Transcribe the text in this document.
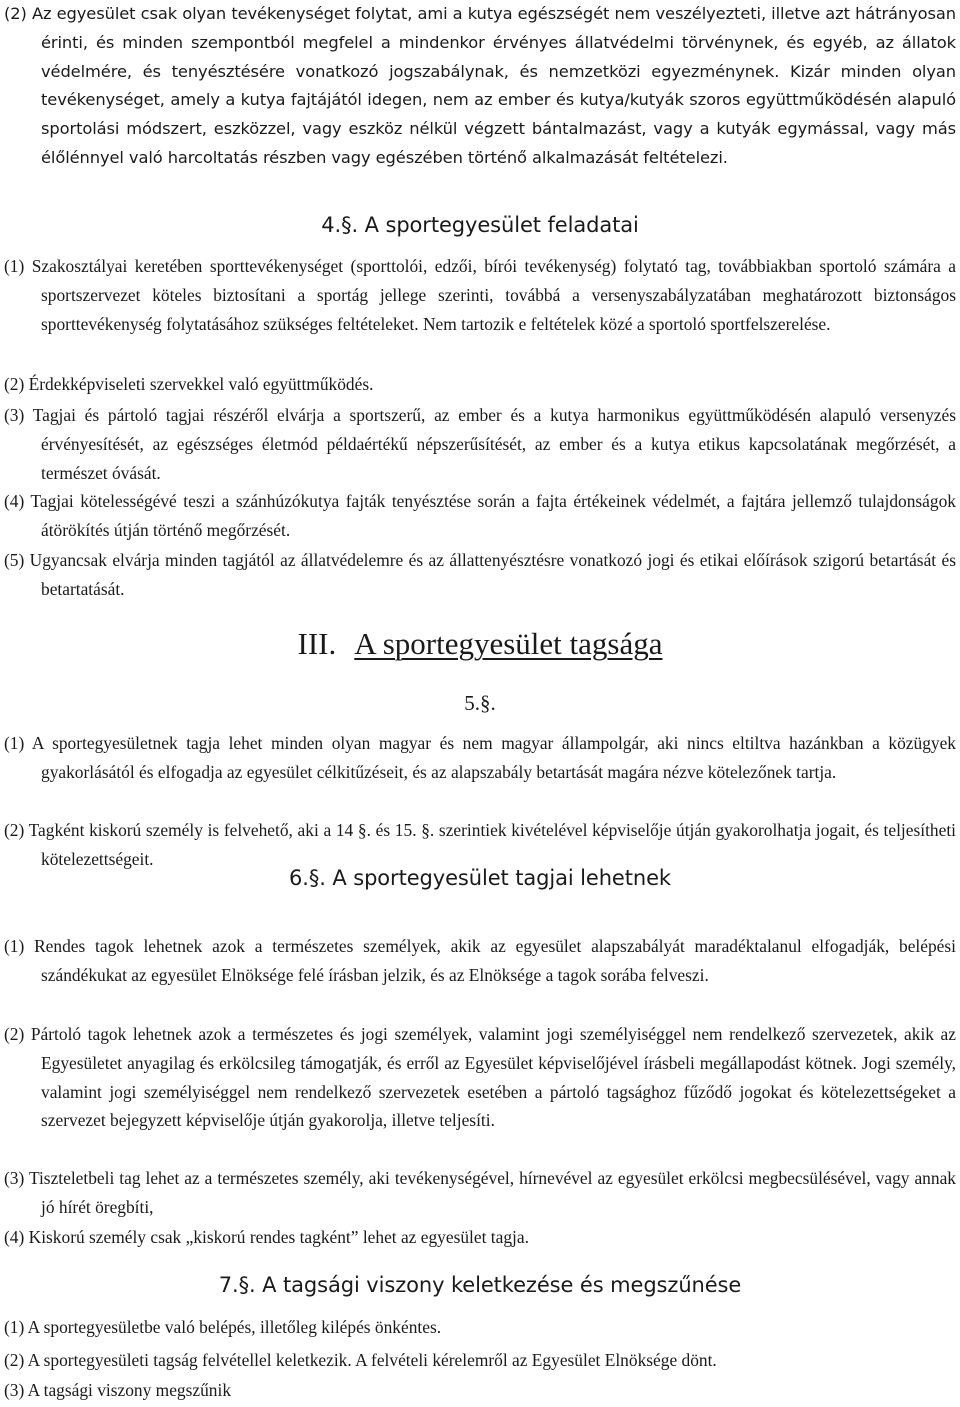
(2) Az egyesület csak olyan tevékenységet folytat, ami a kutya egészségét nem veszélyezteti, illetve azt hátrányosan érinti, és minden szempontból megfelel a mindenkor érvényes állatvédelmi törvénynek, és egyéb, az állatok védelmére, és tenyésztésére vonatkozó jogszabálynak, és nemzetközi egyezménynek. Kizár minden olyan tevékenységet, amely a kutya fajtájától idegen, nem az ember és kutya/kutyák szoros együttműködésén alapuló sportolási módszert, eszközzel, vagy eszköz nélkül végzett bántalmazást, vagy a kutyák egymással, vagy más élőlénnyel való harcoltatás részben vagy egészében történő alkalmazását feltételezi.
4.§. A sportegyesület feladatai
(1) Szakosztályai keretében sporttevékenységet (sporttolói, edzői, bírói tevékenység) folytató tag, továbbiakban sportoló számára a sportszervezet köteles biztosítani a sportág jellege szerinti, továbbá a versenyszabályzatában meghatározott biztonságos sporttevékenység folytatásához szükséges feltételeket. Nem tartozik e feltételek közé a sportoló sportfelszerelése.
(2) Érdekképviseleti szervekkel való együttműködés.
(3) Tagjai és pártoló tagjai részéről elvárja a sportszerű, az ember és a kutya harmonikus együttműködésén alapuló versenyzés érvényesítését, az egészséges életmód példaértékű népszerűsítését, az ember és a kutya etikus kapcsolatának megőrzését, a természet óvását.
(4) Tagjai kötelességévé teszi a szánhúzókutya fajták tenyésztése során a fajta értékeinek védelmét, a fajtára jellemző tulajdonságok átörökítés útján történő megőrzését.
(5) Ugyancsak elvárja minden tagjától az állatvédelemre és az állattenyésztésre vonatkozó jogi és etikai előírások szigorú betartását és betartatását.
III. A sportegyesület tagsága
5.§.
(1) A sportegyesületnek tagja lehet minden olyan magyar és nem magyar állampolgár, aki nincs eltiltva hazánkban a közügyek gyakorlásától és elfogadja az egyesület célkitűzéseit, és az alapszabály betartását magára nézve kötelezőnek tartja.
(2) Tagként kiskorú személy is felvehető, aki a 14 §. és 15. §. szerintiek kivételével képviselője útján gyakorolhatja jogait, és teljesítheti kötelezettségeit.
6.§. A sportegyesület tagjai lehetnek
(1) Rendes tagok lehetnek azok a természetes személyek, akik az egyesület alapszabályát maradéktalanul elfogadják, belépési szándékukat az egyesület Elnöksége felé írásban jelzik, és az Elnöksége a tagok sorába felveszi.
(2) Pártoló tagok lehetnek azok a természetes és jogi személyek, valamint jogi személyiséggel nem rendelkező szervezetek, akik az Egyesületet anyagilag és erkölcsileg támogatják, és erről az Egyesület képviselőjével írásbeli megállapodást kötnek. Jogi személy, valamint jogi személyiséggel nem rendelkező szervezetek esetében a pártoló tagsághoz fűződő jogokat és kötelezettségeket a szervezet bejegyzett képviselője útján gyakorolja, illetve teljesíti.
(3) Tiszteletbeli tag lehet az a természetes személy, aki tevékenységével, hírnevével az egyesület erkölcsi megbecsülésével, vagy annak jó hírét öregbíti,
(4) Kiskorú személy csak „kiskorú rendes tagként” lehet az egyesület tagja.
7.§. A tagsági viszony keletkezése és megszűnése
(1) A sportegyesületbe való belépés, illetőleg kilépés önkéntes.
(2) A sportegyesületi tagság felvétellel keletkezik. A felvételi kérelemről az Egyesület Elnöksége dönt.
(3) A tagsági viszony megszűnik
